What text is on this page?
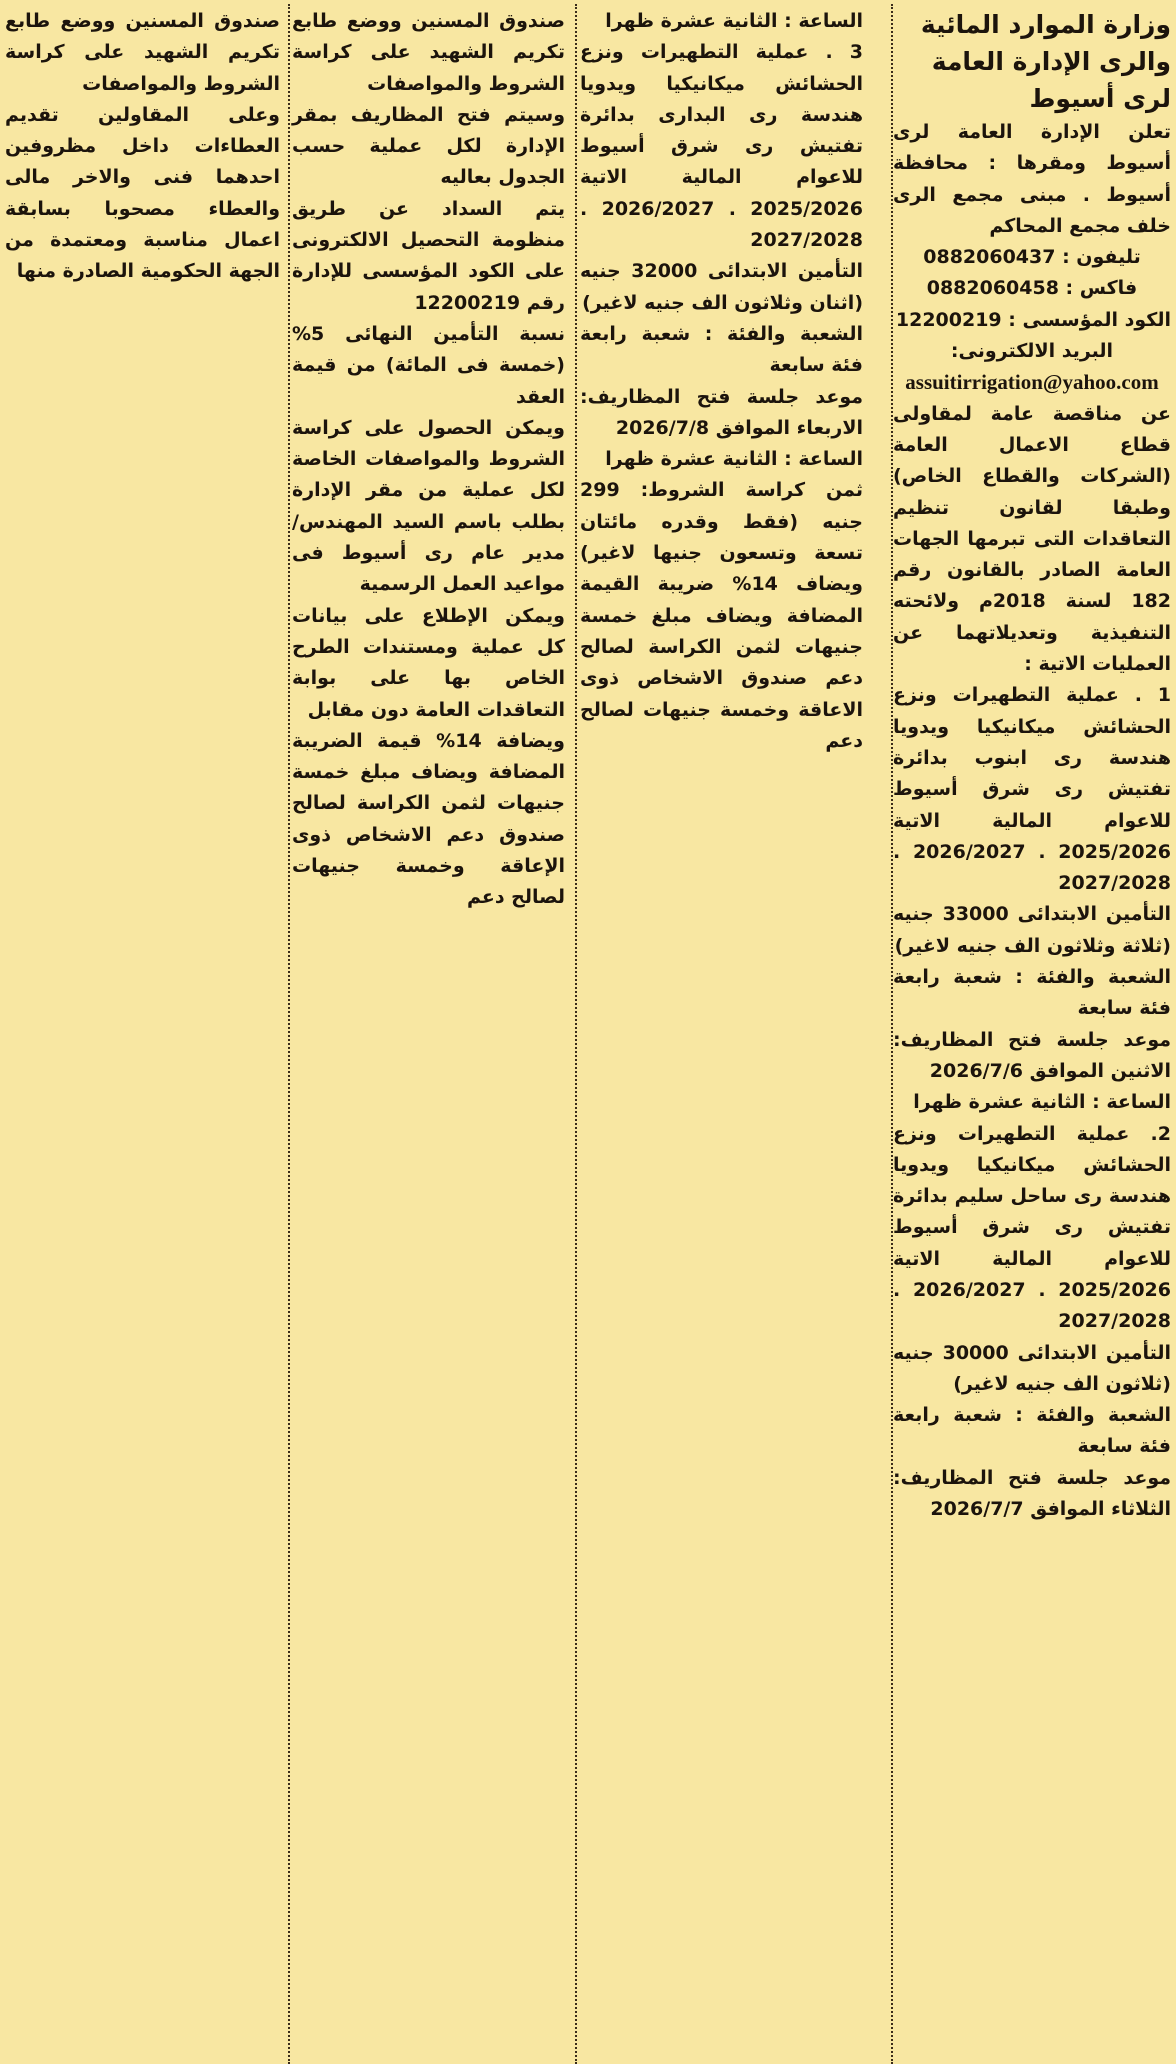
وزارة الموارد المائية والرى الإدارة العامة لرى أسيوط

تعلن الإدارة العامة لرى أسيوط ومقرها : محافظة أسيوط . مبنى مجمع الرى خلف مجمع المحاكم

تليفون : 0882060437

فاكس : 0882060458

الكود المؤسسى : 12200219

البريد الالكترونى:

assuitirrigation@yahoo.com

عن مناقصة عامة لمقاولى قطاع الاعمال العامة (الشركات والقطاع الخاص) وطبقا لقانون تنظيم التعاقدات التى تبرمها الجهات العامة الصادر بالقانون رقم 182 لسنة 2018م ولائحته التنفيذية وتعديلاتهما عن العمليات الاتية :

1 . عملية التطهيرات ونزع الحشائش ميكانيكيا ويدويا هندسة رى ابنوب بدائرة تفتيش رى شرق أسيوط للاعوام المالية الاتية 2025/2026 . 2026/2027 . 2027/2028

التأمين الابتدائى 33000 جنيه (ثلاثة وثلاثون الف جنيه لاغير)

الشعبة والفئة : شعبة رابعة فئة سابعة

موعد جلسة فتح المظاريف: الاثنين الموافق 2026/7/6

الساعة : الثانية عشرة ظهرا

2. عملية التطهيرات ونزع الحشائش ميكانيكيا ويدويا هندسة رى ساحل سليم بدائرة تفتيش رى شرق أسيوط للاعوام المالية الاتية 2025/2026 . 2026/2027 . 2027/2028

التأمين الابتدائى 30000 جنيه (ثلاثون الف جنيه لاغير)

الشعبة والفئة : شعبة رابعة فئة سابعة

موعد جلسة فتح المظاريف: الثلاثاء الموافق 2026/7/7

الساعة : الثانية عشرة ظهرا

3 . عملية التطهيرات ونزع الحشائش ميكانيكيا ويدويا هندسة رى البدارى بدائرة تفتيش رى شرق أسيوط للاعوام المالية الاتية 2025/2026 . 2026/2027 . 2027/2028

التأمين الابتدائى 32000 جنيه (اثنان وثلاثون الف جنيه لاغير)

الشعبة والفئة : شعبة رابعة فئة سابعة

موعد جلسة فتح المظاريف: الاربعاء الموافق 2026/7/8

الساعة : الثانية عشرة ظهرا

ثمن كراسة الشروط: 299 جنيه (فقط وقدره مائتان تسعة وتسعون جنيها لاغير) ويضاف 14% ضريبة القيمة المضافة ويضاف مبلغ خمسة جنيهات لثمن الكراسة لصالح دعم صندوق الاشخاص ذوى الاعاقة وخمسة جنيهات لصالح دعم

صندوق المسنين ووضع طابع تكريم الشهيد على كراسة الشروط والمواصفات

وسيتم فتح المظاريف بمقر الإدارة لكل عملية حسب الجدول بعاليه

يتم السداد عن طريق منظومة التحصيل الالكترونى على الكود المؤسسى للإدارة رقم 12200219

نسبة التأمين النهائى 5% (خمسة فى المائة) من قيمة العقد

ويمكن الحصول على كراسة الشروط والمواصفات الخاصة لكل عملية من مقر الإدارة بطلب باسم السيد المهندس/ مدير عام رى أسيوط فى مواعيد العمل الرسمية

ويمكن الإطلاع على بيانات كل عملية ومستندات الطرح الخاص بها على بوابة التعاقدات العامة دون مقابل

ويضافة 14% قيمة الضريبة المضافة ويضاف مبلغ خمسة جنيهات لثمن الكراسة لصالح صندوق دعم الاشخاص ذوى الإعاقة وخمسة جنيهات لصالح دعم

صندوق المسنين ووضع طابع تكريم الشهيد على كراسة الشروط والمواصفات

وعلى المقاولين تقديم العطاءات داخل مظروفين احدهما فنى والاخر مالى والعطاء مصحوبا بسابقة اعمال مناسبة ومعتمدة من الجهة الحكومية الصادرة منها
